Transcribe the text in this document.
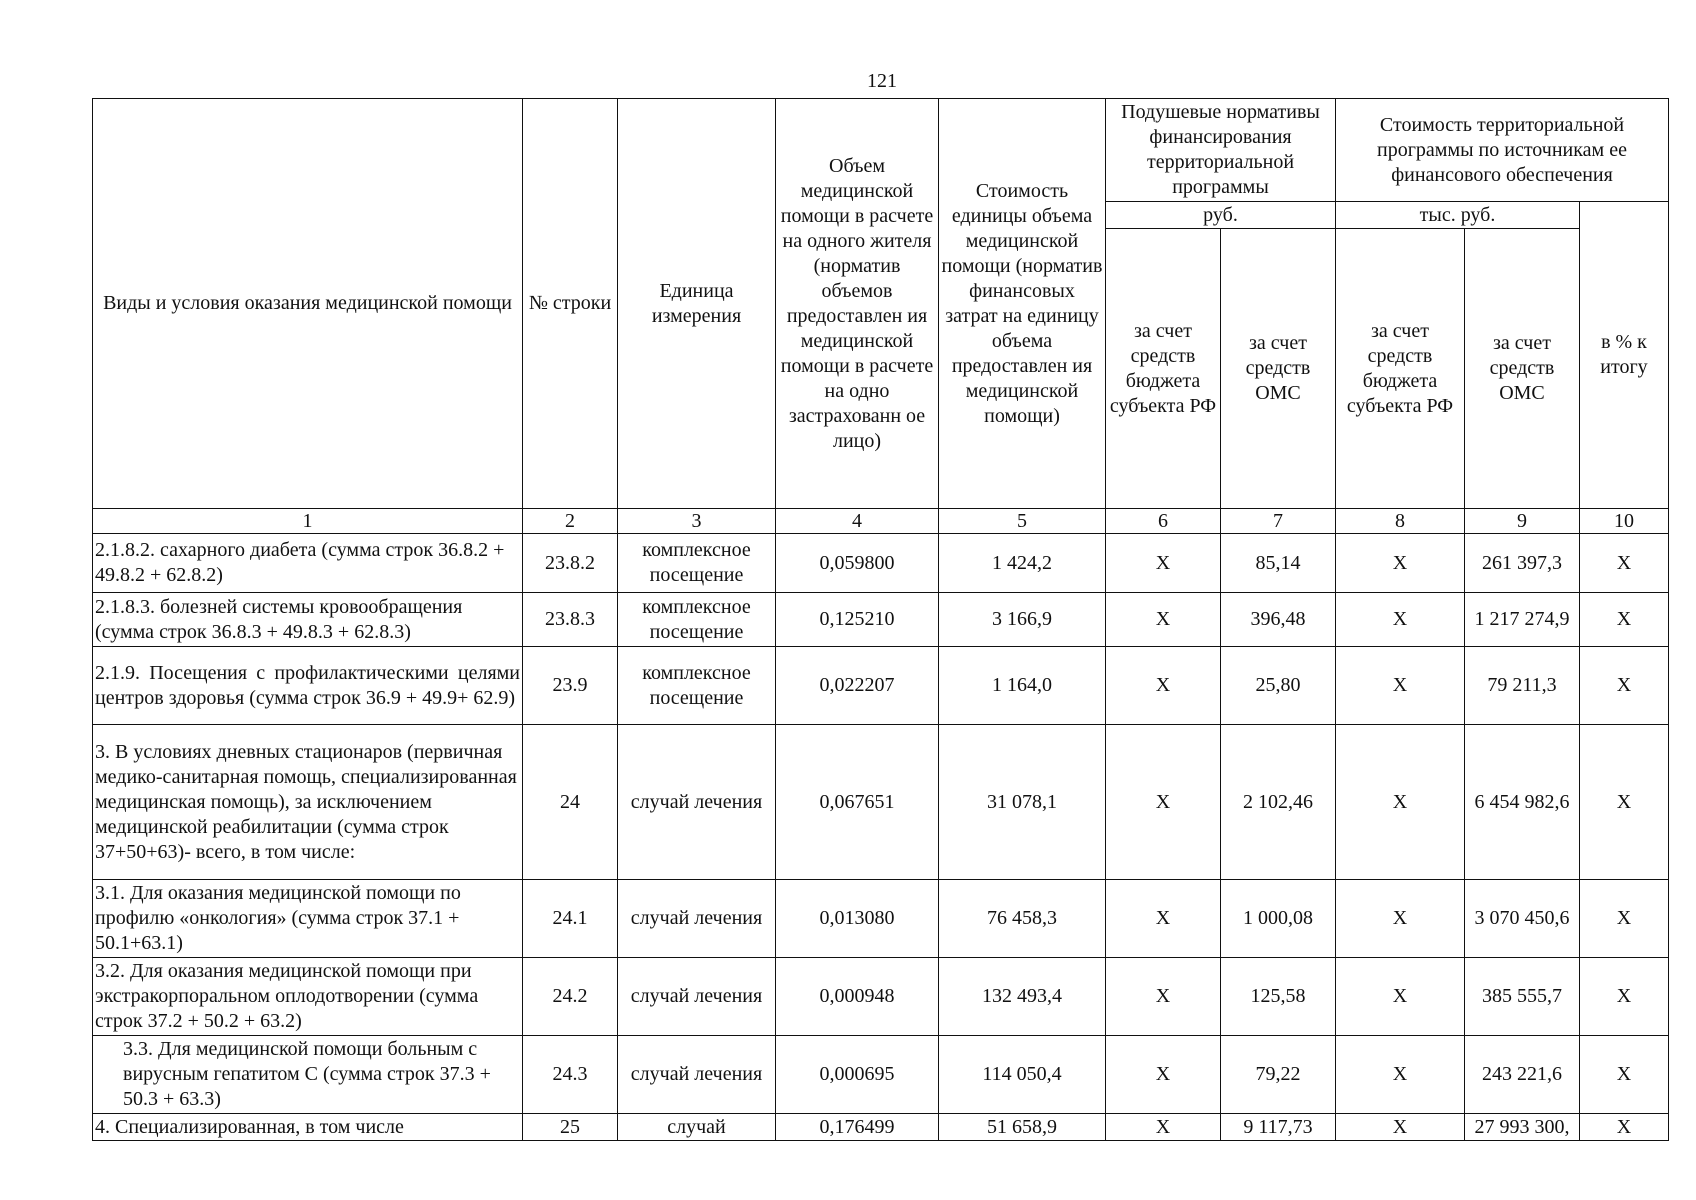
121
Виды и условия оказания медицинской помощи	№ строки	Единица измерения	Объем медицинской помощи в расчете на одного жителя (норматив объемов предоставлен ия медицинской помощи в расчете на одно застрахованн ое лицо)	Стоимость единицы объема медицинской помощи (норматив финансовых затрат на единицу объема предоставлен ия медицинской помощи)	Подушевые нормативы финансирования территориальной программы		Стоимость территориальной программы по источникам ее финансового обеспечения		
					руб.		тыс. руб.		в % к итогу
					за счет средств бюджета субъекта РФ	за счет средств ОМС	за счет средств бюджета субъекта РФ	за счет средств ОМС	
1	2	3	4	5	6	7	8	9	10
2.1.8.2. сахарного диабета (сумма строк 36.8.2 + 49.8.2 + 62.8.2)	23.8.2	комплексное посещение	0,059800	1 424,2	Х	85,14	Х	261 397,3	Х
2.1.8.3. болезней системы кровообращения (сумма строк 36.8.3 + 49.8.3 + 62.8.3)	23.8.3	комплексное посещение	0,125210	3 166,9	Х	396,48	Х	1 217 274,9	Х
2.1.9. Посещения с профилактическими целями центров здоровья (сумма строк 36.9 + 49.9+ 62.9)	23.9	комплексное посещение	0,022207	1 164,0	Х	25,80	Х	79 211,3	Х
3. В условиях дневных стационаров (первичная медико-санитарная помощь, специализированная медицинская помощь), за исключением медицинской реабилитации (сумма строк 37+50+63)- всего, в том числе:	24	случай лечения	0,067651	31 078,1	Х	2 102,46	Х	6 454 982,6	Х
3.1. Для оказания медицинской помощи по профилю «онкология» (сумма строк 37.1 + 50.1+63.1)	24.1	случай лечения	0,013080	76 458,3	Х	1 000,08	Х	3 070 450,6	Х
3.2. Для оказания медицинской помощи при экстракорпоральном оплодотворении (сумма строк 37.2 + 50.2 + 63.2)	24.2	случай лечения	0,000948	132 493,4	Х	125,58	Х	385 555,7	Х
3.3. Для медицинской помощи больным с вирусным гепатитом С (сумма строк 37.3 + 50.3 + 63.3)	24.3	случай лечения	0,000695	114 050,4	Х	79,22	Х	243 221,6	Х
4. Специализированная, в том числе	25	случай	0,176499	51 658,9	Х	9 117,73	Х	27 993 300,	Х
